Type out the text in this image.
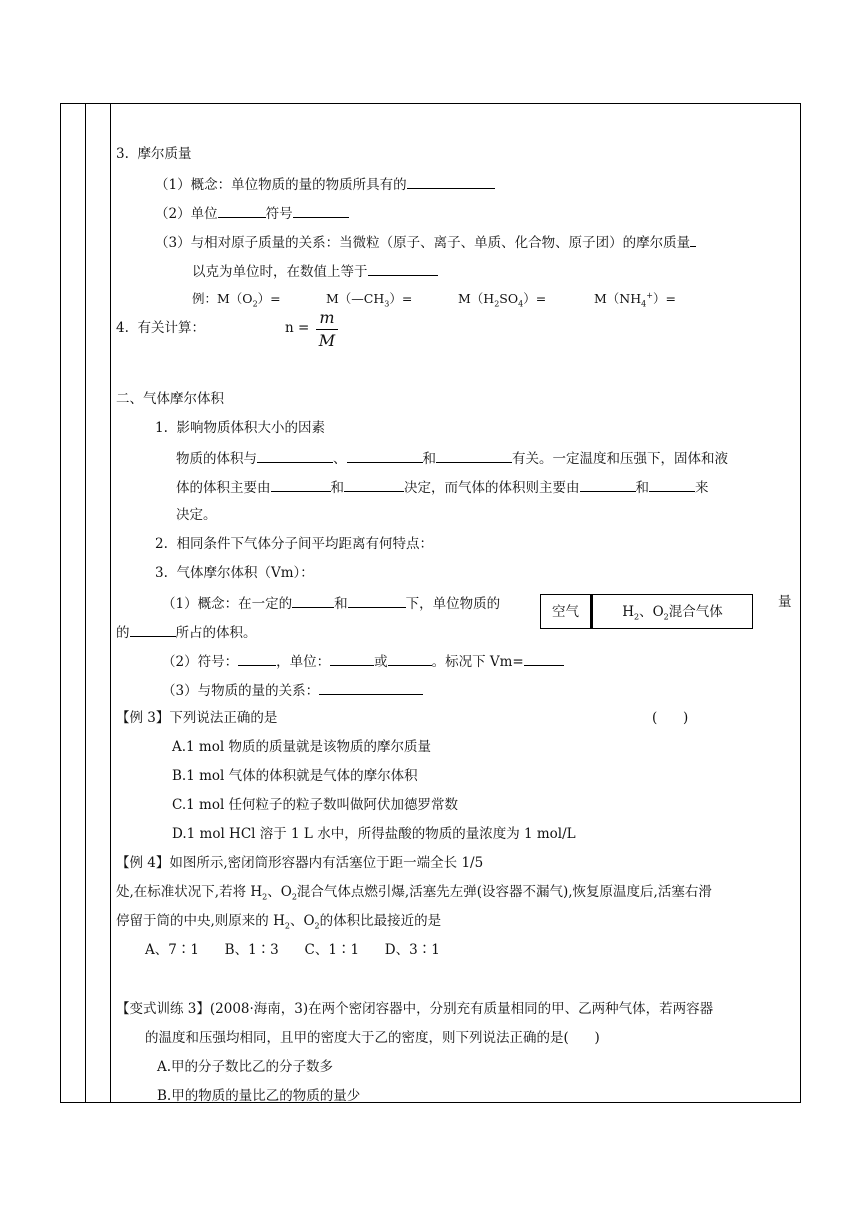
3.  摩尔质量
（1）概念：单位物质的量的物质所具有的
（2）单位	符号
（3）与相对原子质量的关系：当微粒（原子、离子、单质、化合物、原子团）的摩尔质量
以克为单位时，在数值上等于
例：$M(O_2)=$	$M(—CH_3)=$	$M(H_2SO_4)=$	$M(NH_4^+)=$
4.  有关计算：	n =
m
M
二、气体摩尔体积
1.  影响物质体积大小的因素
物质的体积与	、	和	有关。一定温度和压强下，固体和液
体的体积主要由	和	决定，而气体的体积则主要由	和	来
决定。
2.  相同条件下气体分子间平均距离有何特点：
3.  气体摩尔体积（Vm）：
（1）概念：在一定的	和	下，单位物质的	量
的	所占的体积。
空气	$H_2$、$O_2$混合气体
（2）符号：	，单位：	或	。标况下 Vm=
（3）与物质的量的关系：
【例 3】下列说法正确的是	(      )
A.1 mol 物质的质量就是该物质的摩尔质量
B.1 mol 气体的体积就是气体的摩尔体积
C.1 mol 任何粒子的粒子数叫做阿伏加德罗常数
D.1 mol HCl 溶于 1 L 水中，所得盐酸的物质的量浓度为 1 mol/L
【例 4】如图所示,密闭筒形容器内有活塞位于距一端全长 1/5
处,在标准状况下,若将 $H_2$、$O_2$混合气体点燃引爆,活塞先左弹(设容器不漏气),恢复原温度后,活塞右滑
停留于筒的中央,则原来的 $H_2$、$O_2$的体积比最接近的是
A、7∶1      B、1∶3      C、1∶1      D、3∶1
【变式训练 3】(2008·海南，3)在两个密闭容器中，分别充有质量相同的甲、乙两种气体，若两容器
的温度和压强均相同，且甲的密度大于乙的密度，则下列说法正确的是(      )
A.甲的分子数比乙的分子数多
B.甲的物质的量比乙的物质的量少
